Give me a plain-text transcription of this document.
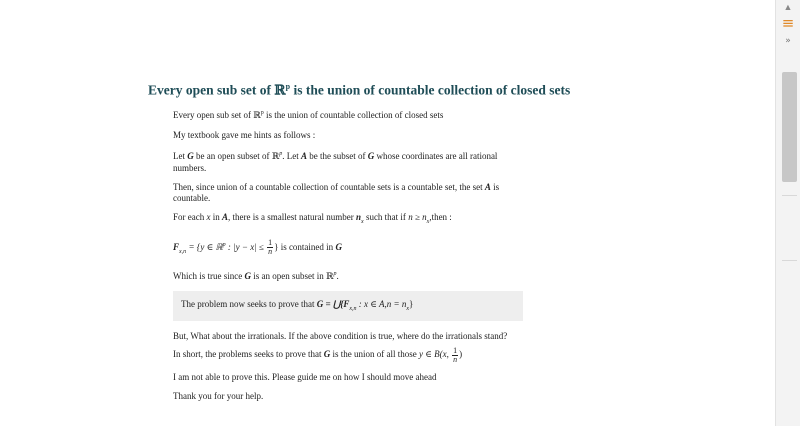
Every open sub set of ℝ$^p$ is the union of countable collection of closed sets

Every open sub set of ℝ$^p$ is the union of countable collection of closed sets

My textbook gave me hints as follows :

Let G be an open subset of ℝ$^p$. Let A be the subset of G whose coordinates are all rational numbers.

Then, since union of a countable collection of countable sets is a countable set, the set A is countable.

For each x in A, there is a smallest natural number $n_x$ such that if $n \ge n_x,then$ :

$F_{x,n} = \{y$ ∈ ℝ$^p$ : $|y - x| \le \frac{1}{n}$ } is contained in G

Which is true since G is an open subset in ℝ$^p$.

The problem now seeks to prove that $G = ⋃\{F_{x,n}$ : x ∈ $A,n = n_x$}

But, What about the irrationals. If the above condition is true, where do the irrationals stand?

In short, the problems seeks to prove that G is the union of all those y ∈ B(x, $\frac{1}{n}$ )

I am not able to prove this. Please guide me on how I should move ahead

Thank you for your help.

▲
≡
»
